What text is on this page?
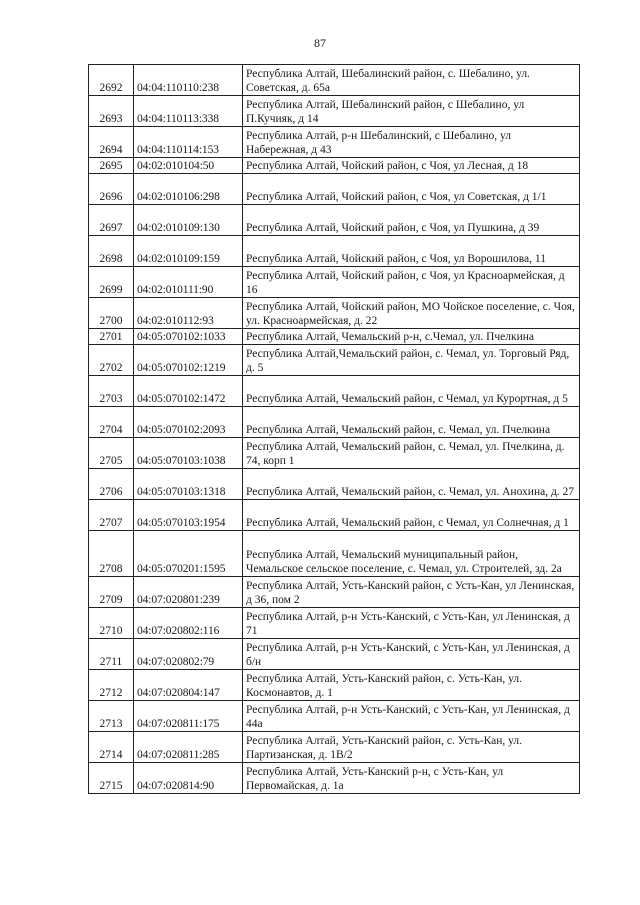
87
2692	04:04:110110:238	Республика Алтай, Шебалинский район, с. Шебалино, ул. Советская, д. 65а
2693	04:04:110113:338	Республика Алтай, Шебалинский район, с Шебалино, ул П.Кучияк, д 14
2694	04:04:110114:153	Республика Алтай, р-н Шебалинский, с Шебалино, ул Набережная, д 43
2695	04:02:010104:50	Республика Алтай, Чойский район, с Чоя, ул Лесная, д 18
2696	04:02:010106:298	Республика Алтай, Чойский район, с Чоя, ул Советская, д 1/1
2697	04:02:010109:130	Республика Алтай, Чойский район, с Чоя, ул Пушкина, д 39
2698	04:02:010109:159	Республика Алтай, Чойский район, с Чоя, ул Ворошилова, 11
2699	04:02:010111:90	Республика Алтай, Чойский район, с Чоя, ул Красноармейская, д 16
2700	04:02:010112:93	Республика Алтай, Чойский район, МО Чойское поселение, с. Чоя, ул. Красноармейская, д. 22
2701	04:05:070102:1033	Республика Алтай, Чемальский р-н, с.Чемал, ул. Пчелкина
2702	04:05:070102:1219	Республика Алтай,Чемальский район, с. Чемал, ул. Торговый Ряд, д. 5
2703	04:05:070102:1472	Республика Алтай, Чемальский район, с Чемал, ул Курортная, д 5
2704	04:05:070102:2093	Республика Алтай, Чемальский район, с. Чемал, ул. Пчелкина
2705	04:05:070103:1038	Республика Алтай, Чемальский район, с. Чемал, ул. Пчелкина, д. 74, корп 1
2706	04:05:070103:1318	Республика Алтай, Чемальский район, с. Чемал, ул. Анохина, д. 27
2707	04:05:070103:1954	Республика Алтай, Чемальский район, с Чемал, ул Солнечная, д 1
2708	04:05:070201:1595	Республика Алтай, Чемальский муниципальный район, Чемальское сельское поселение, с. Чемал, ул. Строителей, зд. 2а
2709	04:07:020801:239	Республика Алтай, Усть-Канский район, с Усть-Кан, ул Ленинская, д 36, пом 2
2710	04:07:020802:116	Республика Алтай, р-н Усть-Канский, с Усть-Кан, ул Ленинская, д 71
2711	04:07:020802:79	Республика Алтай, р-н Усть-Канский, с Усть-Кан, ул Ленинская, д б/н
2712	04:07:020804:147	Республика Алтай, Усть-Канский район, с. Усть-Кан, ул. Космонавтов, д. 1
2713	04:07:020811:175	Республика Алтай, р-н Усть-Канский, с Усть-Кан, ул Ленинская, д 44а
2714	04:07:020811:285	Республика Алтай, Усть-Канский район, с. Усть-Кан, ул. Партизанская, д. 1В/2
2715	04:07:020814:90	Республика Алтай, Усть-Канский р-н, с Усть-Кан, ул Первомайская, д. 1а
